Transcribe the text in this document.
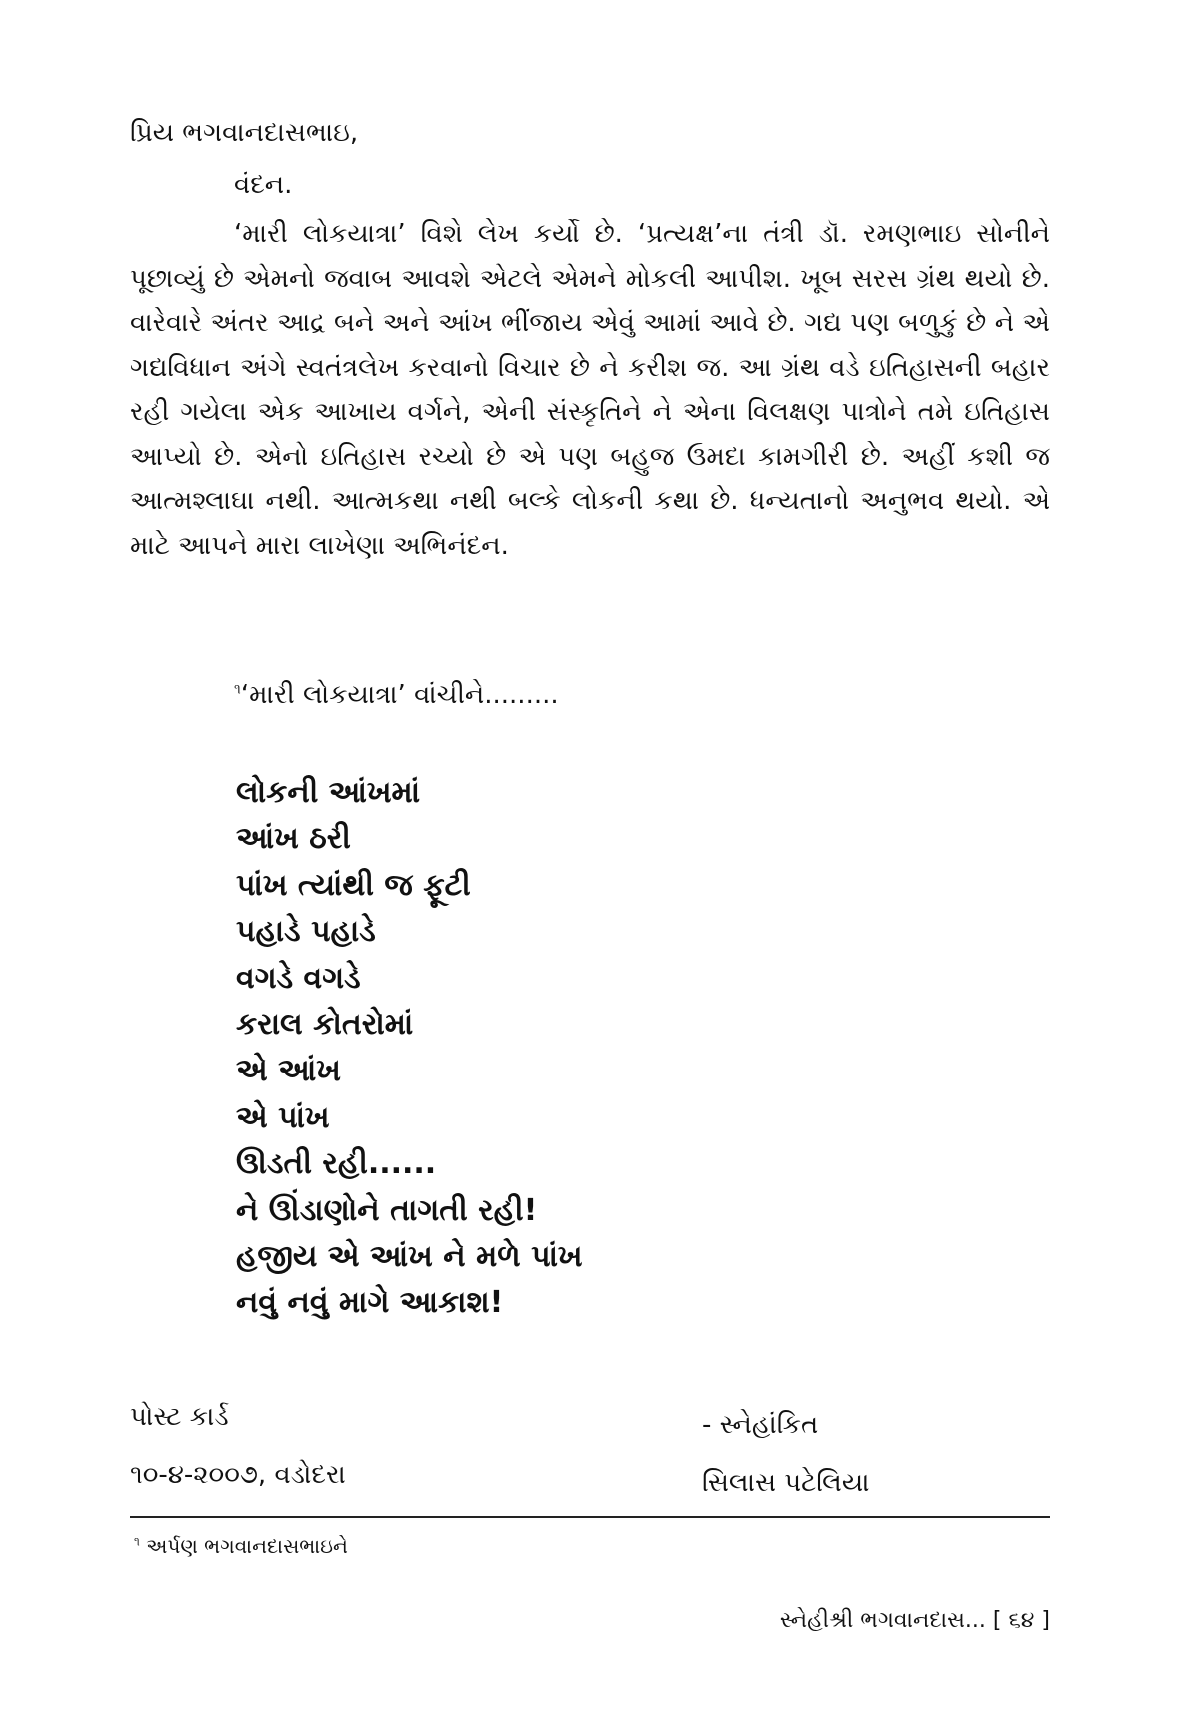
પ્રિય ભગવાનદાસભાઇ,
વંદન.
‘મારી લોકયાત્રા’ વિશે લેખ કર્યો છે. ‘પ્રત્યક્ષ’ના તંત્રી ડૉ. રમણભાઇ સોનીને પૂછાવ્યું છે એમનો જવાબ આવશે એટલે એમને મોકલી આપીશ. ખૂબ સરસ ગ્રંથ થયો છે. વારેવારે અંતર આદ્ર બને અને આંખ ભીંજાય એવું આમાં આવે છે. ગદ્ય પણ બળુકું છે ને એ ગદ્યવિધાન અંગે સ્વતંત્રલેખ કરવાનો વિચાર છે ને કરીશ જ. આ ગ્રંથ વડે ઇતિહાસની બહાર રહી ગયેલા એક આખાય વર્ગને, એની સંસ્કૃતિને ને એના વિલક્ષણ પાત્રોને તમે ઇતિહાસ આપ્યો છે. એનો ઇતિહાસ રચ્યો છે એ પણ બહુજ ઉમદા કામગીરી છે. અહીં કશી જ આત્મશ્લાઘા નથી. આત્મકથા નથી બલ્કે લોકની કથા છે. ધન્યતાનો અનુભવ થયો. એ માટે આપને મારા લાખેણા અભિનંદન.
$^૧$‘મારી લોકયાત્રા’ વાંચીને.........
લોકની આંખમાં
આંખ ઠરી
પાંખ ત્યાંથી જ ફૂટી
પહાડે પહાડે
વગડે વગડે
કરાલ કોતરોમાં
એ આંખ
એ પાંખ
ઊડતી રહી......
ને ઊંડાણોને તાગતી રહી!
હજીય એ આંખ ને મળે પાંખ
નવું નવું માગે આકાશ!
પોસ્ટ કાર્ડ
૧૦-૪-૨૦૦૭, વડોદરા
- સ્નેહાંકિત
સિલાસ પટેલિયા
$^૧$ અર્પણ ભગવાનદાસભાઇને
સ્નેહીશ્રી ભગવાનદાસ... [ ૬૪ ]
